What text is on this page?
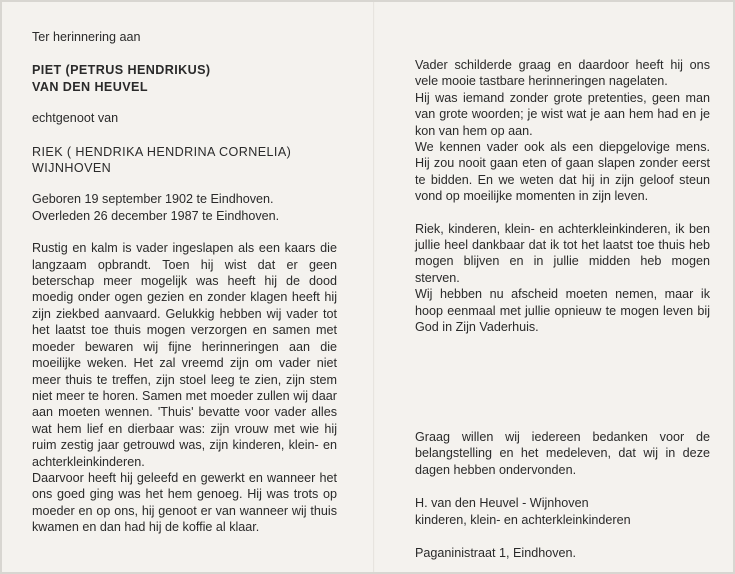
Ter herinnering aan

PIET (PETRUS HENDRIKUS)

VAN DEN HEUVEL

echtgenoot van

RIEK ( HENDRIKA HENDRINA CORNELIA)

WIJNHOVEN

Geboren 19 september 1902 te Eindhoven.

Overleden 26 december 1987 te Eindhoven.

Rustig en kalm is vader ingeslapen als een kaars die langzaam opbrandt. Toen hij wist dat er geen beterschap meer mogelijk was heeft hij de dood moedig onder ogen gezien en zonder klagen heeft hij zijn ziekbed aanvaard. Gelukkig hebben wij vader tot het laatst toe thuis mogen verzorgen en samen met moeder bewaren wij fijne herinneringen aan die moeilijke weken. Het zal vreemd zijn om vader niet meer thuis te treffen, zijn stoel leeg te zien, zijn stem niet meer te horen. Samen met moeder zullen wij daar aan moeten wennen. 'Thuis' bevatte voor vader alles wat hem lief en dierbaar was: zijn vrouw met wie hij ruim zestig jaar getrouwd was, zijn kinderen, klein- en achterkleinkinderen.

Daarvoor heeft hij geleefd en gewerkt en wanneer het ons goed ging was het hem genoeg. Hij was trots op moeder en op ons, hij genoot er van wanneer wij thuis kwamen en dan had hij de koffie al klaar.

Vader schilderde graag en daardoor heeft hij ons vele mooie tastbare herinneringen nagelaten.

Hij was iemand zonder grote pretenties, geen man van grote woorden; je wist wat je aan hem had en je kon van hem op aan.

We kennen vader ook als een diepgelovige mens. Hij zou nooit gaan eten of gaan slapen zonder eerst te bidden. En we weten dat hij in zijn geloof steun vond op moeilijke momenten in zijn leven.

Riek, kinderen, klein- en achterkleinkinderen, ik ben jullie heel dankbaar dat ik tot het laatst toe thuis heb mogen blijven en in jullie midden heb mogen sterven.

Wij hebben nu afscheid moeten nemen, maar ik hoop eenmaal met jullie opnieuw te mogen leven bij God in Zijn Vaderhuis.

Graag willen wij iedereen bedanken voor de belangstelling en het medeleven, dat wij in deze dagen hebben ondervonden.

H. van den Heuvel - Wijnhoven

kinderen, klein- en achterkleinkinderen

Paganinistraat 1, Eindhoven.
